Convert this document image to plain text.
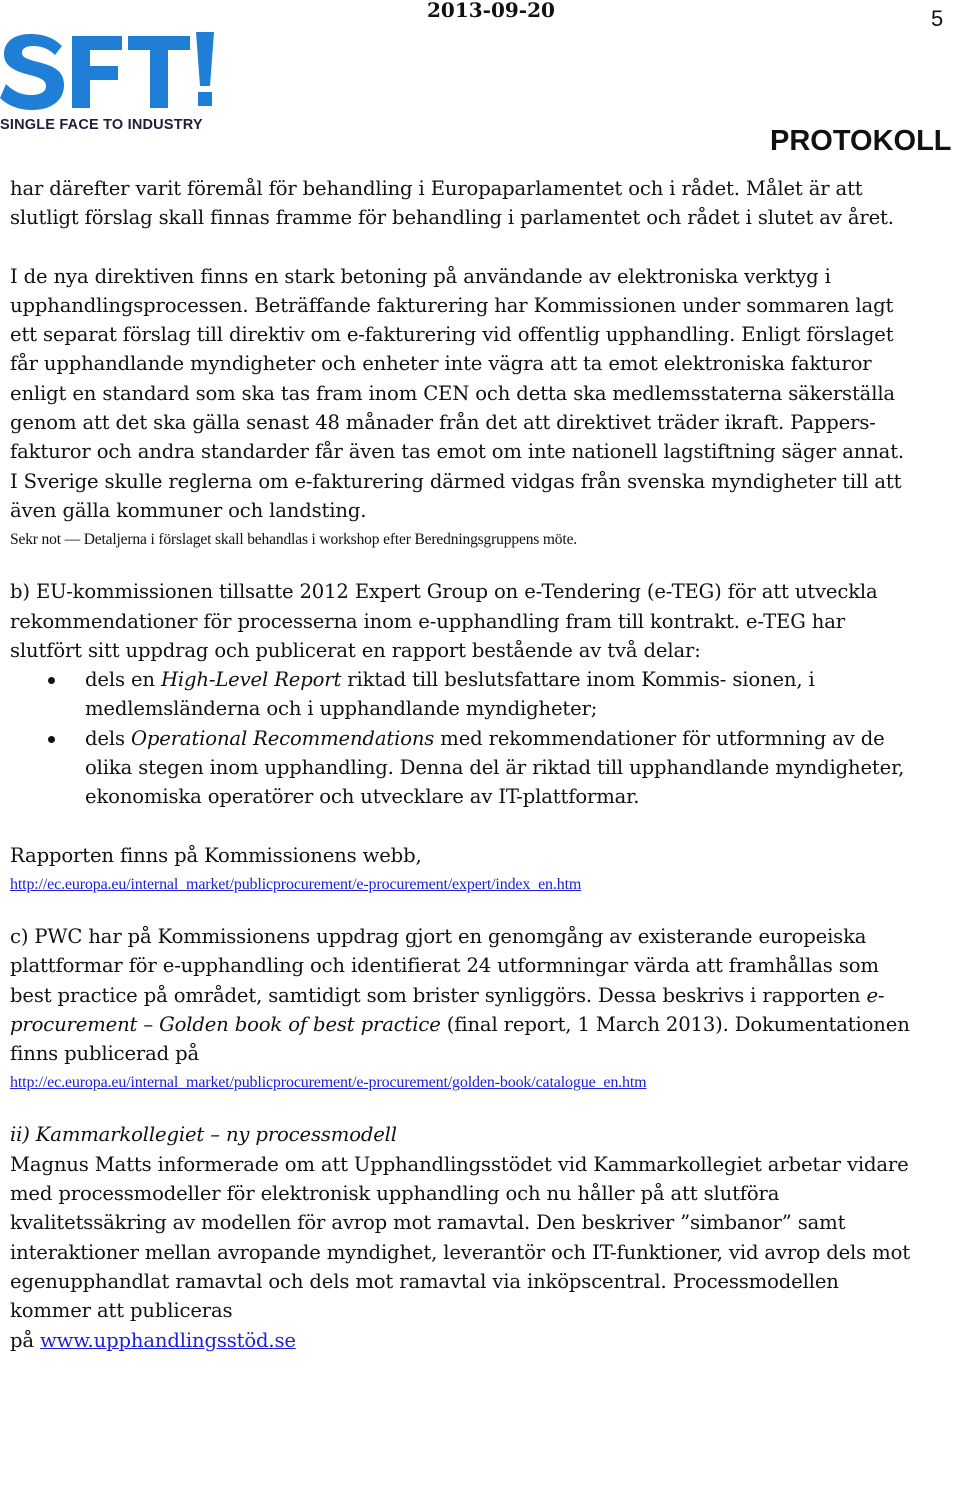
SINGLE FACE TO INDUSTRY
2013-09-20	5
PROTOKOLL

har därefter varit föremål för behandling i Europaparlamentet och i rådet. Målet är att slutligt förslag skall finnas framme för behandling i parlamentet och rådet i slutet av året.

I de nya direktiven finns en stark betoning på användande av elektroniska verktyg i upphandlingsprocessen. Beträffande fakturering har Kommissionen under sommaren lagt ett separat förslag till direktiv om e-fakturering vid offentlig upphandling. Enligt förslaget får upphandlande myndigheter och enheter inte vägra att ta emot elektroniska fakturor enligt en standard som ska tas fram inom CEN och detta ska medlemsstaterna säkerställa genom att det ska gälla senast 48 månader från det att direktivet träder ikraft. Pappers- fakturor och andra standarder får även tas emot om inte nationell lagstiftning säger annat. I Sverige skulle reglerna om e-fakturering därmed vidgas från svenska myndigheter till att även gälla kommuner och landsting.

Sekr not — Detaljerna i förslaget skall behandlas i workshop efter Beredningsgruppens möte.

b) EU-kommissionen tillsatte 2012 Expert Group on e-Tendering (e-TEG) för att utveckla rekommendationer för processerna inom e-upphandling fram till kontrakt. e-TEG har slutfört sitt uppdrag och publicerat en rapport bestående av två delar:

dels en High-Level Report riktad till beslutsfattare inom Kommis- sionen, i medlemsländerna och i upphandlande myndigheter;
dels Operational Recommendations med rekommendationer för utformning av de olika stegen inom upphandling. Denna del är riktad till upphandlande myndigheter, ekonomiska operatörer och utvecklare av IT-plattformar.

Rapporten finns på Kommissionens webb,

http://ec.europa.eu/internal_market/publicprocurement/e-procurement/expert/index_en.htm

c) PWC har på Kommissionens uppdrag gjort en genomgång av existerande europeiska plattformar för e-upphandling och identifierat 24 utformningar värda att framhållas som best practice på området, samtidigt som brister synliggörs. Dessa beskrivs i rapporten e-procurement – Golden book of best practice (final report, 1 March 2013). Dokumentationen finns publicerad på

http://ec.europa.eu/internal_market/publicprocurement/e-procurement/golden-book/catalogue_en.htm

ii) Kammarkollegiet – ny processmodell

Magnus Matts informerade om att Upphandlingsstödet vid Kammarkollegiet arbetar vidare med processmodeller för elektronisk upphandling och nu håller på att slutföra kvalitetssäkring av modellen för avrop mot ramavtal. Den beskriver ”simbanor” samt interaktioner mellan avropande myndighet, leverantör och IT-funktioner, vid avrop dels mot egenupphandlat ramavtal och dels mot ramavtal via inköpscentral. Processmodellen kommer att publiceras

på www.upphandlingsstöd.se
